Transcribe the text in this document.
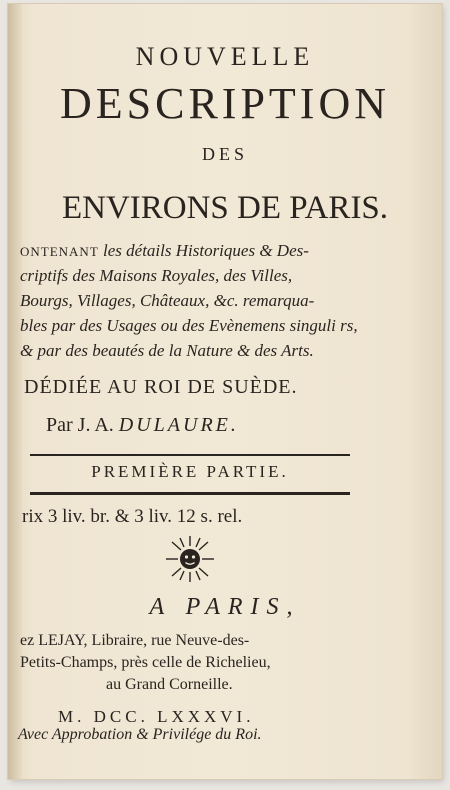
NOUVELLE
DESCRIPTION
DES
ENVIRONS DE PARIS.
ONTENANT les détails Historiques & Des-
criptifs des Maisons Royales, des Villes,
Bourgs, Villages, Châteaux, &c. remarqua-
bles par des Usages ou des Evènemens singuli rs,
& par des beautés de la Nature & des Arts.
DÉDIÉE AU ROI DE SUÈDE.
Par J. A. DULAURE.
PREMIÈRE PARTIE.
rix 3 liv. br. & 3 liv. 12 s. rel.
A PARIS,
ez LEJAY, Libraire, rue Neuve-des-
Petits-Champs, près celle de Richelieu,
au Grand Corneille.
M. DCC. LXXXVI.
Avec Approbation & Privilége du Roi.
